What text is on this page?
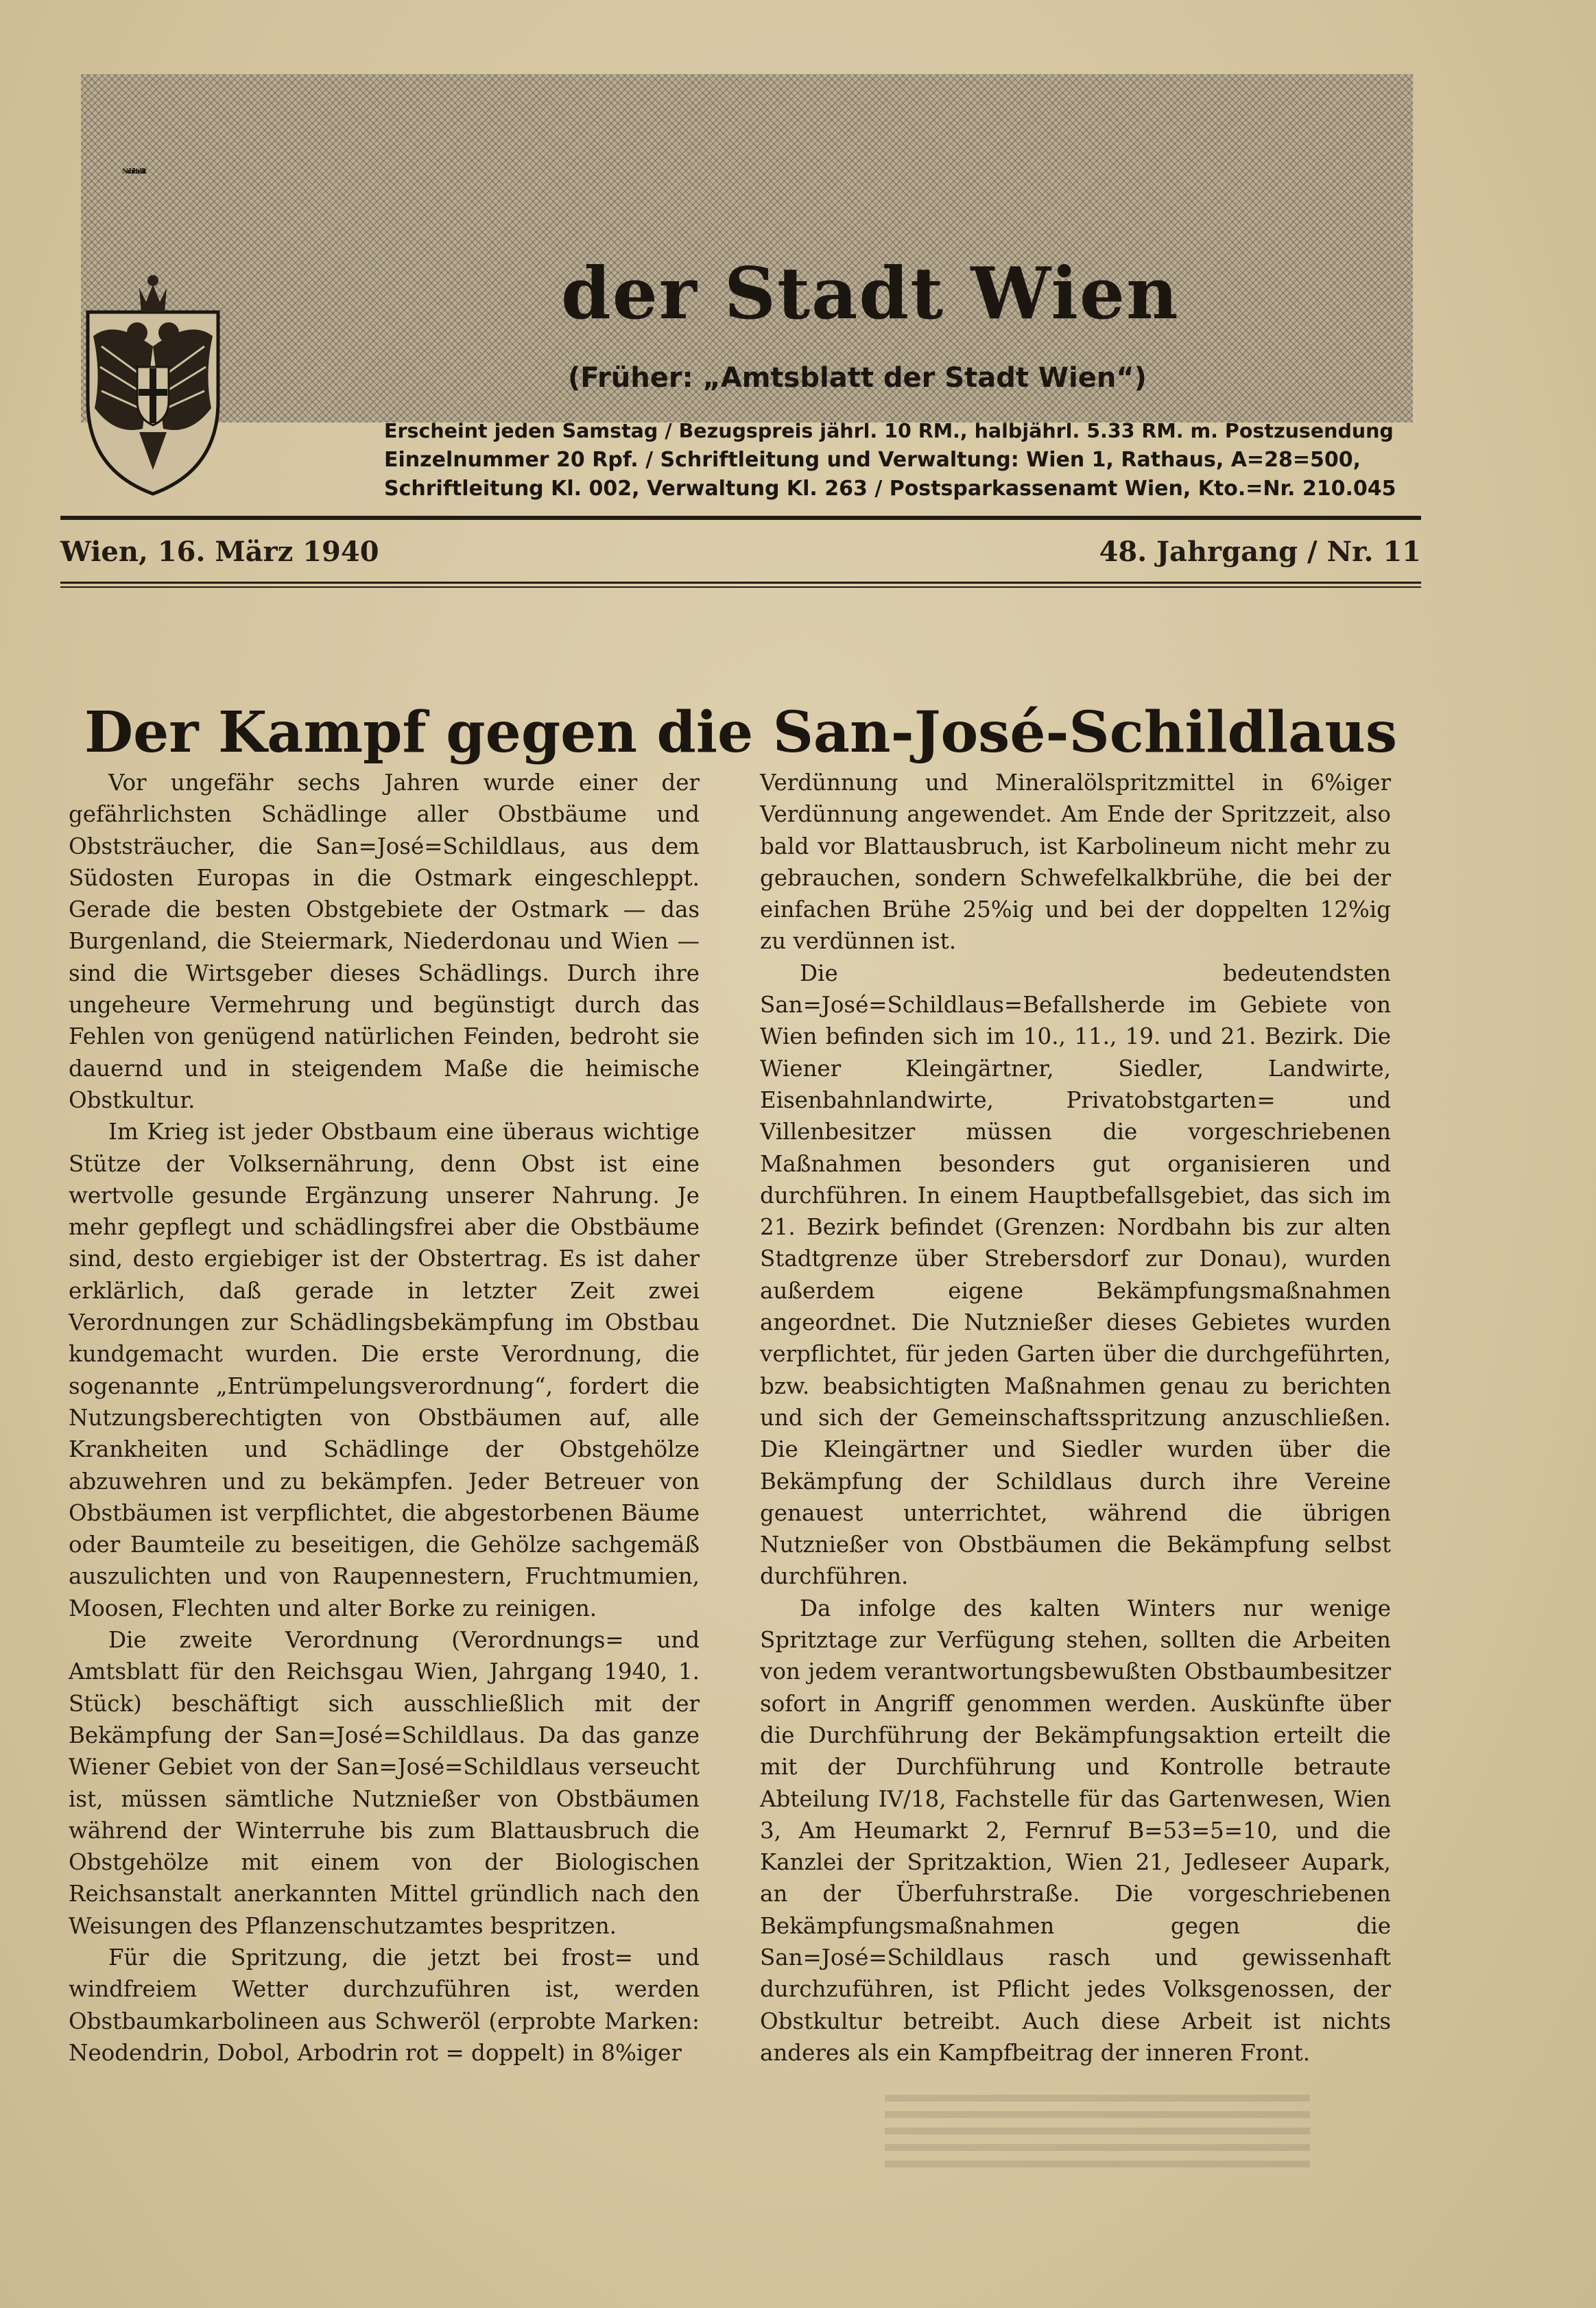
Nachrichtenblatt
der Stadt Wien
(Früher: „Amtsblatt der Stadt Wien“)
Erscheint jeden Samstag / Bezugspreis jährl. 10 RM., halbjährl. 5.33 RM. m. Postzusendung
Einzelnummer 20 Rpf. / Schriftleitung und Verwaltung: Wien 1, Rathaus, A=28=500,
Schriftleitung Kl. 002, Verwaltung Kl. 263 / Postsparkassenamt Wien, Kto.=Nr. 210.045
Wien, 16. März 1940	48. Jahrgang / Nr. 11
Der Kampf gegen die San-José-Schildlaus

Vor ungefähr sechs Jahren wurde einer der gefährlichsten Schädlinge aller Obstbäume und Obststräucher, die San=José=Schildlaus, aus dem Südosten Europas in die Ostmark eingeschleppt. Gerade die besten Obstgebiete der Ostmark — das Burgenland, die Steiermark, Niederdonau und Wien — sind die Wirtsgeber dieses Schädlings. Durch ihre ungeheure Vermehrung und begünstigt durch das Fehlen von genügend natürlichen Feinden, bedroht sie dauernd und in steigendem Maße die heimische Obstkultur.

Im Krieg ist jeder Obstbaum eine überaus wichtige Stütze der Volksernährung, denn Obst ist eine wertvolle gesunde Ergänzung unserer Nahrung. Je mehr gepflegt und schädlingsfrei aber die Obstbäume sind, desto ergiebiger ist der Obstertrag. Es ist daher erklärlich, daß gerade in letzter Zeit zwei Verordnungen zur Schädlingsbekämpfung im Obstbau kundgemacht wurden. Die erste Verordnung, die sogenannte „Entrümpelungsverordnung“, fordert die Nutzungsberechtigten von Obstbäumen auf, alle Krankheiten und Schädlinge der Obstgehölze abzuwehren und zu bekämpfen. Jeder Betreuer von Obstbäumen ist verpflichtet, die abgestorbenen Bäume oder Baumteile zu beseitigen, die Gehölze sachgemäß auszulichten und von Raupennestern, Fruchtmumien, Moosen, Flechten und alter Borke zu reinigen.

Die zweite Verordnung (Verordnungs= und Amtsblatt für den Reichsgau Wien, Jahrgang 1940, 1. Stück) beschäftigt sich ausschließlich mit der Bekämpfung der San=José=Schildlaus. Da das ganze Wiener Gebiet von der San=José=Schildlaus verseucht ist, müssen sämtliche Nutznießer von Obstbäumen während der Winterruhe bis zum Blattausbruch die Obstgehölze mit einem von der Biologischen Reichsanstalt anerkannten Mittel gründlich nach den Weisungen des Pflanzenschutzamtes bespritzen.

Für die Spritzung, die jetzt bei frost= und windfreiem Wetter durchzuführen ist, werden Obstbaumkarbolineen aus Schweröl (erprobte Marken: Neodendrin, Dobol, Arbodrin rot = doppelt) in 8%iger

Verdünnung und Mineralölspritzmittel in 6%iger Verdünnung angewendet. Am Ende der Spritzzeit, also bald vor Blattausbruch, ist Karbolineum nicht mehr zu gebrauchen, sondern Schwefelkalkbrühe, die bei der einfachen Brühe 25%ig und bei der doppelten 12%ig zu verdünnen ist.

Die bedeutendsten San=José=Schildlaus=Befallsherde im Gebiete von Wien befinden sich im 10., 11., 19. und 21. Bezirk. Die Wiener Kleingärtner, Siedler, Landwirte, Eisenbahnlandwirte, Privatobstgarten= und Villenbesitzer müssen die vorgeschriebenen Maßnahmen besonders gut organisieren und durchführen. In einem Hauptbefallsgebiet, das sich im 21. Bezirk befindet (Grenzen: Nordbahn bis zur alten Stadtgrenze über Strebersdorf zur Donau), wurden außerdem eigene Bekämpfungsmaßnahmen angeordnet. Die Nutznießer dieses Gebietes wurden verpflichtet, für jeden Garten über die durchgeführten, bzw. beabsichtigten Maßnahmen genau zu berichten und sich der Gemeinschaftsspritzung anzuschließen. Die Kleingärtner und Siedler wurden über die Bekämpfung der Schildlaus durch ihre Vereine genauest unterrichtet, während die übrigen Nutznießer von Obstbäumen die Bekämpfung selbst durchführen.

Da infolge des kalten Winters nur wenige Spritztage zur Verfügung stehen, sollten die Arbeiten von jedem verantwortungsbewußten Obstbaumbesitzer sofort in Angriff genommen werden. Auskünfte über die Durchführung der Bekämpfungsaktion erteilt die mit der Durchführung und Kontrolle betraute Abteilung IV/18, Fachstelle für das Gartenwesen, Wien 3, Am Heumarkt 2, Fernruf B=53=5=10, und die Kanzlei der Spritzaktion, Wien 21, Jedleseer Aupark, an der Überfuhrstraße. Die vorgeschriebenen Bekämpfungsmaßnahmen gegen die San=José=Schildlaus rasch und gewissenhaft durchzuführen, ist Pflicht jedes Volksgenossen, der Obstkultur betreibt. Auch diese Arbeit ist nichts anderes als ein Kampfbeitrag der inneren Front.
